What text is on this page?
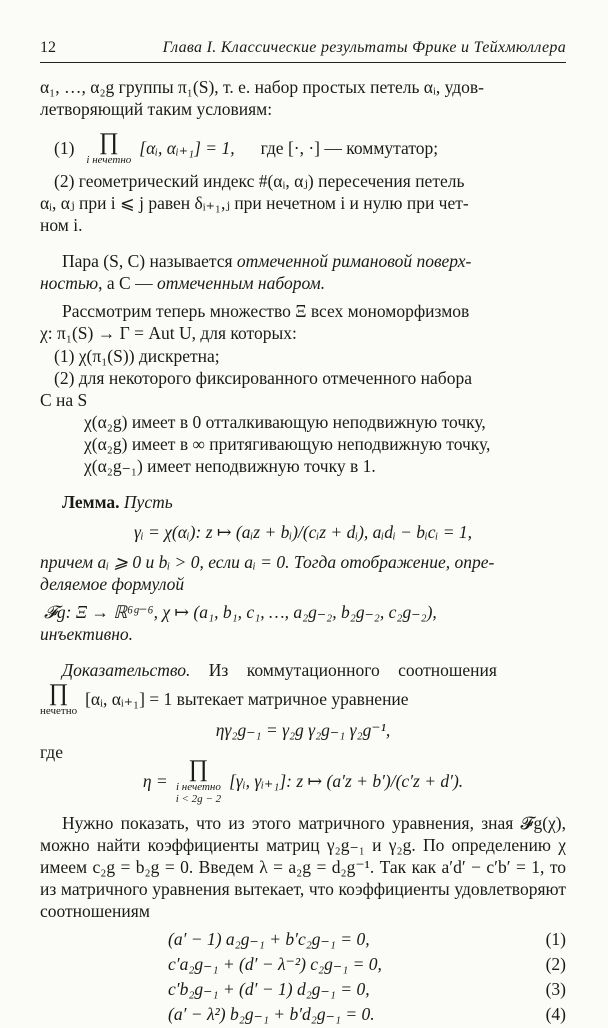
12	Глава I. Классические результаты Фрике и Тейхмюллера

α₁, …, α₂g группы π₁(S), т. е. набор простых петель αᵢ, удов-

летворяющий таким условиям:

(1)	∏
i нечетно
[αᵢ, αᵢ₊₁] = 1, где [·, ·] — коммутатор;

(2) геометрический индекс #(αᵢ, αⱼ) пересечения петель

αᵢ, αⱼ при i ⩽ j равен δᵢ₊₁,ⱼ при нечетном i и нулю при чет-

ном i.

Пара (S, C) называется отмеченной римановой поверх-

ностью, а C — отмеченным набором.

Рассмотрим теперь множество Ξ всех мономорфизмов

χ: π₁(S) → Γ = Aut U, для которых:

(1) χ(π₁(S)) дискретна;

(2) для некоторого фиксированного отмеченного набора

C на S

χ(α₂g) имеет в 0 отталкивающую неподвижную точку,

χ(α₂g) имеет в ∞ притягивающую неподвижную точку,

χ(α₂g₋₁) имеет неподвижную точку в 1.

Лемма. Пусть

γᵢ = χ(αᵢ): z ↦ (aᵢz + bᵢ)/(cᵢz + dᵢ), aᵢdᵢ − bᵢcᵢ = 1,

причем aᵢ ⩾ 0 и bᵢ > 0, если aᵢ = 0. Тогда отображение, опре-

деляемое формулой

𝓕g: Ξ → ℝ⁶ᵍ⁻⁶, χ ↦ (a₁, b₁, c₁, …, a₂g₋₂, b₂g₋₂, c₂g₋₂),

инъективно.

Доказательство. Из коммутационного соотношения

∏
нечетно
[αᵢ, αᵢ₊₁] = 1 вытекает матричное уравнение

ηγ₂g₋₁ = γ₂g γ₂g₋₁ γ₂g⁻¹,

где

η = ∏
i нечетно
i < 2g − 2
[γᵢ, γᵢ₊₁]: z ↦ (a′z + b′)/(c′z + d′).

Нужно показать, что из этого матричного уравнения, зная 𝓕g(χ), можно найти коэффициенты матриц γ₂g₋₁ и γ₂g. По определению χ имеем c₂g = b₂g = 0. Введем λ = a₂g = d₂g⁻¹. Так как a′d′ − c′b′ = 1, то из матричного уравнения вытекает, что коэффициенты удовлетворяют соотношениям

(a′ − 1) a₂g₋₁ + b′c₂g₋₁ = 0,	(1)
c′a₂g₋₁ + (d′ − λ⁻²) c₂g₋₁ = 0,	(2)
c′b₂g₋₁ + (d′ − 1) d₂g₋₁ = 0,	(3)
(a′ − λ²) b₂g₋₁ + b′d₂g₋₁ = 0.	(4)
